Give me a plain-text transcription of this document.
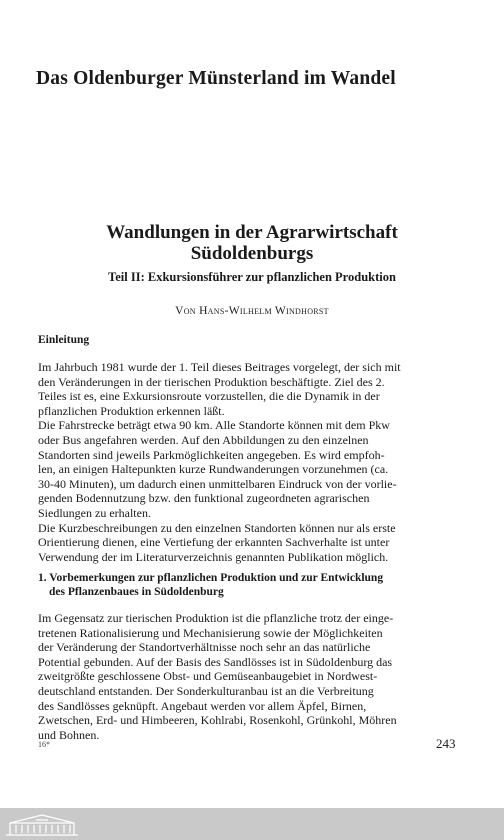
Das Oldenburger Münsterland im Wandel
Wandlungen in der Agrarwirtschaft
Südoldenburgs
Teil II: Exkursionsführer zur pflanzlichen Produktion
Von Hans-Wilhelm Windhorst
Einleitung
Im Jahrbuch 1981 wurde der 1. Teil dieses Beitrages vorgelegt, der sich mit
den Veränderungen in der tierischen Produktion beschäftigte. Ziel des 2.
Teiles ist es, eine Exkursionsroute vorzustellen, die die Dynamik in der
pflanzlichen Produktion erkennen läßt.
Die Fahrstrecke beträgt etwa 90 km. Alle Standorte können mit dem Pkw
oder Bus angefahren werden. Auf den Abbildungen zu den einzelnen
Standorten sind jeweils Parkmöglichkeiten angegeben. Es wird empfoh-
len, an einigen Haltepunkten kurze Rundwanderungen vorzunehmen (ca.
30-40 Minuten), um dadurch einen unmittelbaren Eindruck von der vorlie-
genden Bodennutzung bzw. den funktional zugeordneten agrarischen
Siedlungen zu erhalten.
Die Kurzbeschreibungen zu den einzelnen Standorten können nur als erste
Orientierung dienen, eine Vertiefung der erkannten Sachverhalte ist unter
Verwendung der im Literaturverzeichnis genannten Publikation möglich.
1. Vorbemerkungen zur pflanzlichen Produktion und zur Entwicklung
des Pflanzenbaues in Südoldenburg
Im Gegensatz zur tierischen Produktion ist die pflanzliche trotz der einge-
tretenen Rationalisierung und Mechanisierung sowie der Möglichkeiten
der Veränderung der Standortverhältnisse noch sehr an das natürliche
Potential gebunden. Auf der Basis des Sandlösses ist in Südoldenburg das
zweitgrößte geschlossene Obst- und Gemüseanbaugebiet in Nordwest-
deutschland entstanden. Der Sonderkulturanbau ist an die Verbreitung
des Sandlösses geknüpft. Angebaut werden vor allem Äpfel, Birnen,
Zwetschen, Erd- und Himbeeren, Kohlrabi, Rosenkohl, Grünkohl, Möhren
und Bohnen.
16*	243
